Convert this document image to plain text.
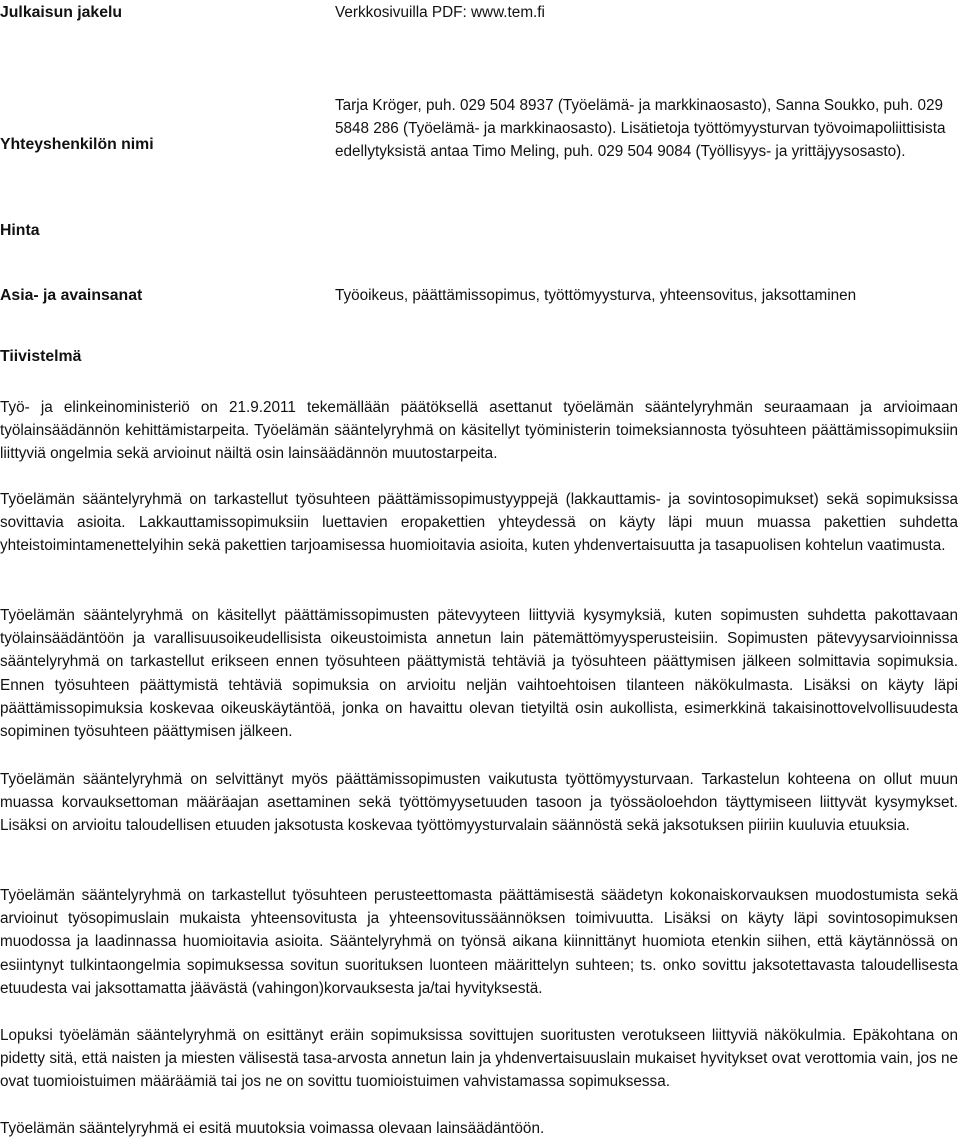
Julkaisun jakelu	Verkkosivuilla PDF: www.tem.fi

Yhteyshenkilön nimi

Tarja Kröger, puh. 029 504 8937 (Työelämä- ja markkinaosasto), Sanna Soukko, puh. 029 5848 286 (Työelämä- ja markkinaosasto). Lisätietoja työttömyysturvan työvoimapoliittisista edellytyksistä antaa Timo Meling, puh. 029 504 9084 (Työllisyys- ja yrittäjyysosasto).

Hinta

Asia- ja avainsanat	Työoikeus, päättämissopimus, työttömyysturva, yhteensovitus, jaksottaminen

Tiivistelmä

Työ- ja elinkeinoministeriö on 21.9.2011 tekemällään päätöksellä asettanut työelämän sääntelyryhmän seuraamaan ja arvioimaan työlainsäädännön kehittämistarpeita. Työelämän sääntelyryhmä on käsitellyt työministerin toimeksiannosta työsuhteen päättämissopimuksiin liittyviä ongelmia sekä arvioinut näiltä osin lainsäädännön muutostarpeita.

Työelämän sääntelyryhmä on tarkastellut työsuhteen päättämissopimustyyppejä (lakkauttamis- ja sovintosopimukset) sekä sopimuksissa sovittavia asioita. Lakkauttamissopimuksiin luettavien eropakettien yhteydessä on käyty läpi muun muassa pakettien suhdetta yhteistoimintamenettelyihin sekä pakettien tarjoamisessa huomioitavia asioita, kuten yhdenvertaisuutta ja tasapuolisen kohtelun vaatimusta.

Työelämän sääntelyryhmä on käsitellyt päättämissopimusten pätevyyteen liittyviä kysymyksiä, kuten sopimusten suhdetta pakottavaan työlainsäädäntöön ja varallisuusoikeudellisista oikeustoimista annetun lain pätemättömyysperusteisiin. Sopimusten pätevyysarvioinnissa sääntelyryhmä on tarkastellut erikseen ennen työsuhteen päättymistä tehtäviä ja työsuhteen päättymisen jälkeen solmittavia sopimuksia. Ennen työsuhteen päättymistä tehtäviä sopimuksia on arvioitu neljän vaihtoehtoisen tilanteen näkökulmasta. Lisäksi on käyty läpi päättämissopimuksia koskevaa oikeuskäytäntöä, jonka on havaittu olevan tietyiltä osin aukollista, esimerkkinä takaisinottovelvollisuudesta sopiminen työsuhteen päättymisen jälkeen.

Työelämän sääntelyryhmä on selvittänyt myös päättämissopimusten vaikutusta työttömyysturvaan. Tarkastelun kohteena on ollut muun muassa korvauksettoman määräajan asettaminen sekä työttömyysetuuden tasoon ja työssäoloehdon täyttymiseen liittyvät kysymykset. Lisäksi on arvioitu taloudellisen etuuden jaksotusta koskevaa työttömyysturvalain säännöstä sekä jaksotuksen piiriin kuuluvia etuuksia.

Työelämän sääntelyryhmä on tarkastellut työsuhteen perusteettomasta päättämisestä säädetyn kokonaiskorvauksen muodostumista sekä arvioinut työsopimuslain mukaista yhteensovitusta ja yhteensovitussäännöksen toimivuutta. Lisäksi on käyty läpi sovintosopimuksen muodossa ja laadinnassa huomioitavia asioita. Sääntelyryhmä on työnsä aikana kiinnittänyt huomiota etenkin siihen, että käytännössä on esiintynyt tulkintaongelmia sopimuksessa sovitun suorituksen luonteen määrittelyn suhteen; ts. onko sovittu jaksotettavasta taloudellisesta etuudesta vai jaksottamatta jäävästä (vahingon)korvauksesta ja/tai hyvityksestä.

Lopuksi työelämän sääntelyryhmä on esittänyt eräin sopimuksissa sovittujen suoritusten verotukseen liittyviä näkökulmia. Epäkohtana on pidetty sitä, että naisten ja miesten välisestä tasa-arvosta annetun lain ja yhdenvertaisuuslain mukaiset hyvitykset ovat verottomia vain, jos ne ovat tuomioistuimen määräämiä tai jos ne on sovittu tuomioistuimen vahvistamassa sopimuksessa.

Työelämän sääntelyryhmä ei esitä muutoksia voimassa olevaan lainsäädäntöön.
